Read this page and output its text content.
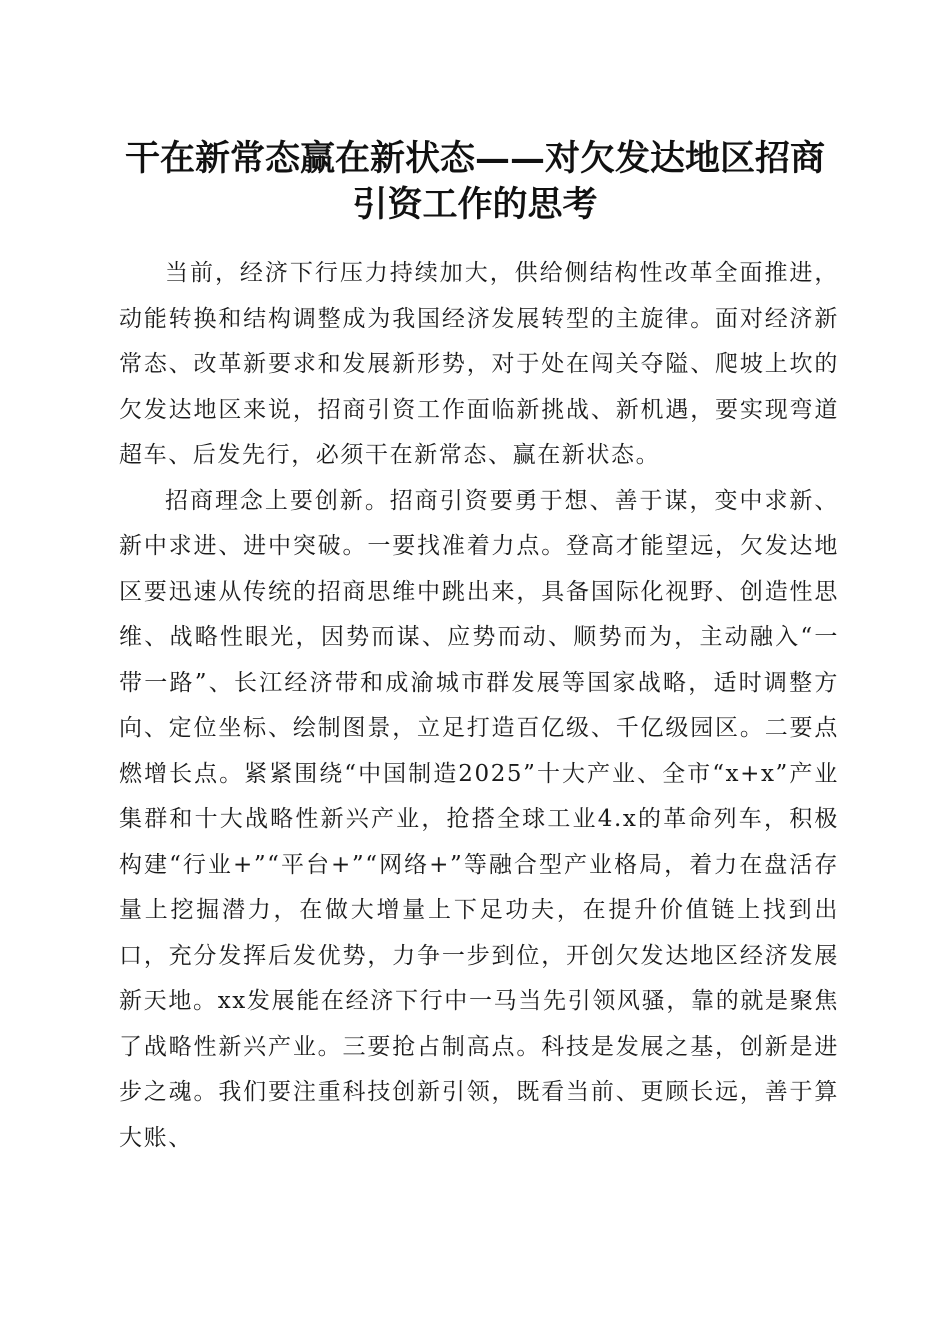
干在新常态赢在新状态——对欠发达地区招商
引资工作的思考

当前，经济下行压力持续加大，供给侧结构性改革全面推进，动能转换和结构调整成为我国经济发展转型的主旋律。面对经济新常态、改革新要求和发展新形势，对于处在闯关夺隘、爬坡上坎的欠发达地区来说，招商引资工作面临新挑战、新机遇，要实现弯道超车、后发先行，必须干在新常态、赢在新状态。

招商理念上要创新。招商引资要勇于想、善于谋，变中求新、新中求进、进中突破。一要找准着力点。登高才能望远，欠发达地区要迅速从传统的招商思维中跳出来，具备国际化视野、创造性思维、战略性眼光，因势而谋、应势而动、顺势而为，主动融入“一带一路”、长江经济带和成渝城市群发展等国家战略，适时调整方向、定位坐标、绘制图景，立足打造百亿级、千亿级园区。二要点燃增长点。紧紧围绕“中国制造2025”十大产业、全市“x+x”产业集群和十大战略性新兴产业，抢搭全球工业4.x的革命列车，积极构建“行业+”“平台+”“网络+”等融合型产业格局，着力在盘活存量上挖掘潜力，在做大增量上下足功夫，在提升价值链上找到出口，充分发挥后发优势，力争一步到位，开创欠发达地区经济发展新天地。xx发展能在经济下行中一马当先引领风骚，靠的就是聚焦了战略性新兴产业。三要抢占制高点。科技是发展之基，创新是进步之魂。我们要注重科技创新引领，既看当前、更顾长远，善于算大账、
